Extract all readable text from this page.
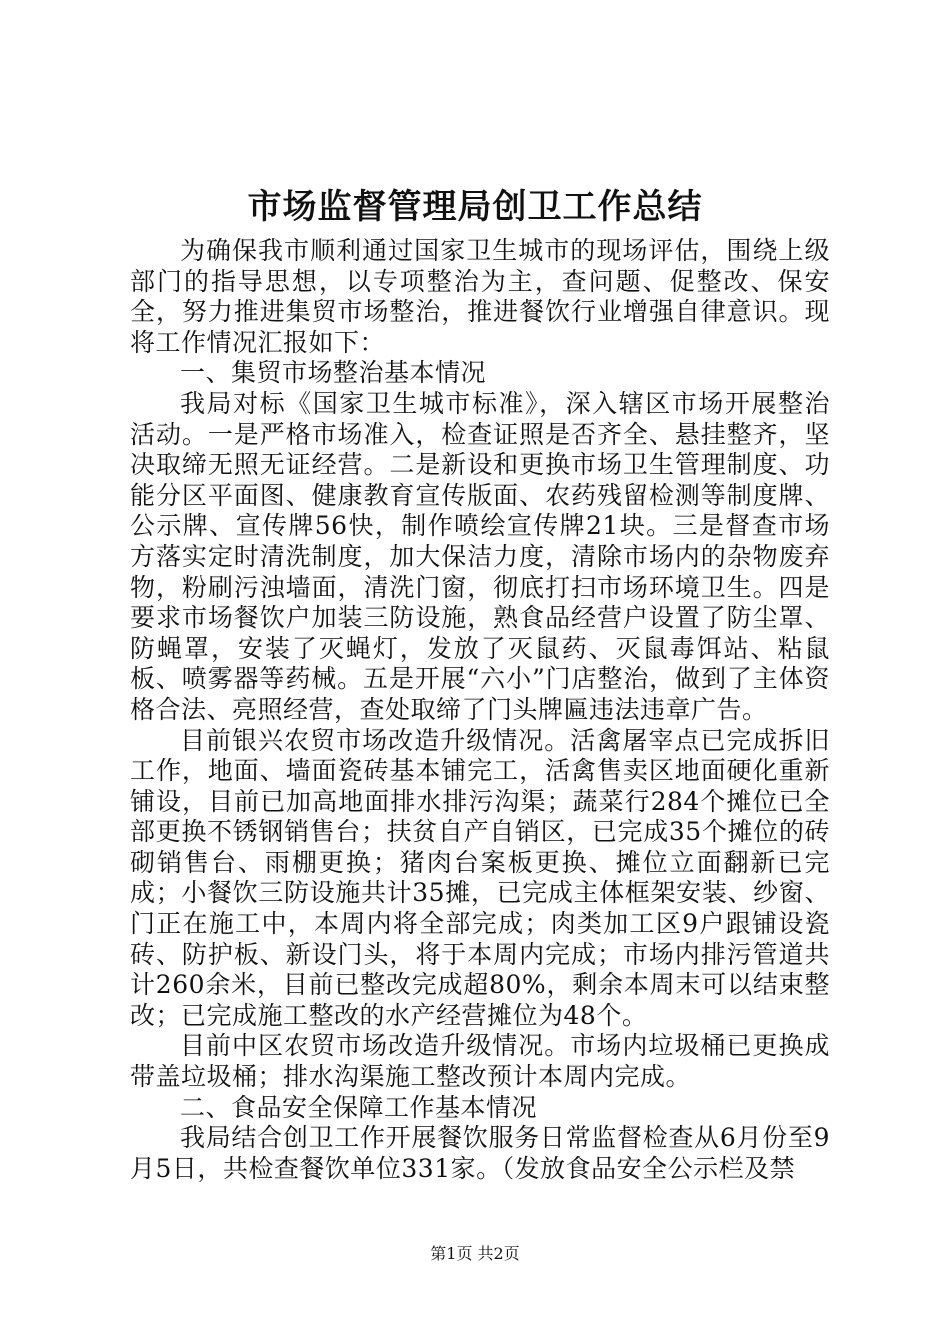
市场监督管理局创卫工作总结

为确保我市顺利通过国家卫生城市的现场评估，围绕上级部门的指导思想，以专项整治为主，查问题、促整改、保安全，努力推进集贸市场整治，推进餐饮行业增强自律意识。现将工作情况汇报如下：

一、集贸市场整治基本情况

我局对标《国家卫生城市标准》，深入辖区市场开展整治活动。一是严格市场准入，检查证照是否齐全、悬挂整齐，坚决取缔无照无证经营。二是新设和更换市场卫生管理制度、功能分区平面图、健康教育宣传版面、农药残留检测等制度牌、公示牌、宣传牌56快，制作喷绘宣传牌21块。三是督查市场方落实定时清洗制度，加大保洁力度，清除市场内的杂物废弃物，粉刷污浊墙面，清洗门窗，彻底打扫市场环境卫生。四是要求市场餐饮户加装三防设施，熟食品经营户设置了防尘罩、防蝇罩，安装了灭蝇灯，发放了灭鼠药、灭鼠毒饵站、粘鼠板、喷雾器等药械。五是开展“六小”门店整治，做到了主体资格合法、亮照经营，查处取缔了门头牌匾违法违章广告。

目前银兴农贸市场改造升级情况。活禽屠宰点已完成拆旧工作，地面、墙面瓷砖基本铺完工，活禽售卖区地面硬化重新铺设，目前已加高地面排水排污沟渠；蔬菜行284个摊位已全部更换不锈钢销售台；扶贫自产自销区，已完成35个摊位的砖砌销售台、雨棚更换；猪肉台案板更换、摊位立面翻新已完成；小餐饮三防设施共计35摊，已完成主体框架安装、纱窗、门正在施工中，本周内将全部完成；肉类加工区9户跟铺设瓷砖、防护板、新设门头，将于本周内完成；市场内排污管道共计260余米，目前已整改完成超80%，剩余本周末可以结束整改；已完成施工整改的水产经营摊位为48个。

目前中区农贸市场改造升级情况。市场内垃圾桶已更换成带盖垃圾桶；排水沟渠施工整改预计本周内完成。

二、食品安全保障工作基本情况

我局结合创卫工作开展餐饮服务日常监督检查从6月份至9月5日，共检查餐饮单位331家。（发放食品安全公示栏及禁

第1页 共2页
